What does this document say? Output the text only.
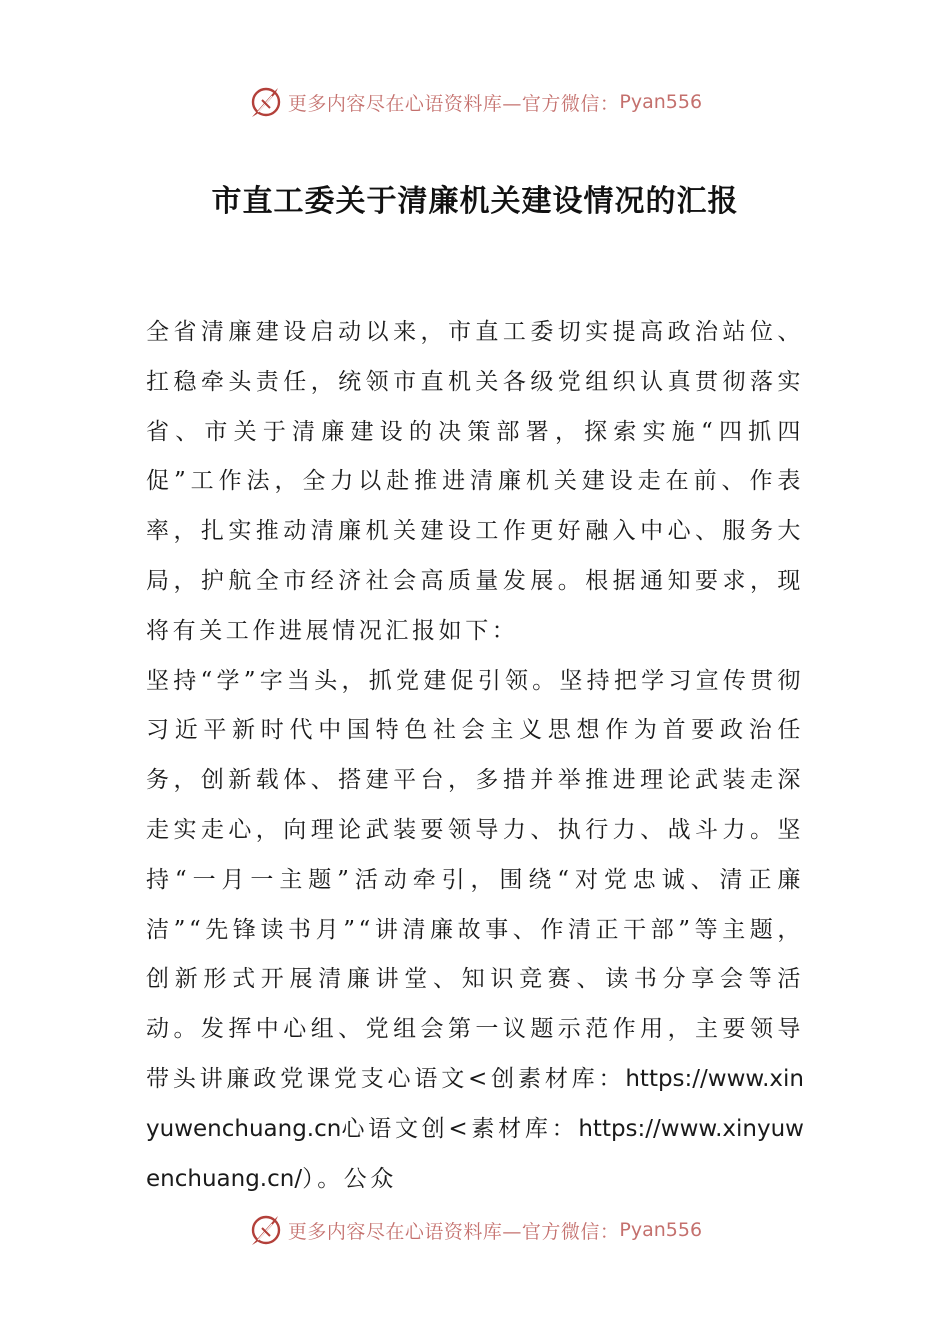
更多内容尽在心语资料库—官方微信： Pyan556
市直工委关于清廉机关建设情况的汇报

全省清廉建设启动以来，市直工委切实提高政治站位、扛稳牵头责任，统领市直机关各级党组织认真贯彻落实省、市关于清廉建设的决策部署，探索实施“四抓四促”工作法，全力以赴推进清廉机关建设走在前、作表率，扎实推动清廉机关建设工作更好融入中心、服务大局，护航全市经济社会高质量发展。根据通知要求，现将有关工作进展情况汇报如下：

坚持“学”字当头，抓党建促引领。坚持把学习宣传贯彻习近平新时代中国特色社会主义思想作为首要政治任务，创新载体、搭建平台，多措并举推进理论武装走深走实走心，向理论武装要领导力、执行力、战斗力。坚持“一月一主题”活动牵引，围绕“对党忠诚、清正廉洁”“先锋读书月”“讲清廉故事、作清正干部”等主题，创新形式开展清廉讲堂、知识竞赛、读书分享会等活动。发挥中心组、党组会第一议题示范作用，主要领导带头讲廉政党课党支心语文<创素材库：https://www.xinyuwenchuang.cn心语文创<素材库：https://www.xinyuwenchuang.cn/）。公众

更多内容尽在心语资料库—官方微信： Pyan556
